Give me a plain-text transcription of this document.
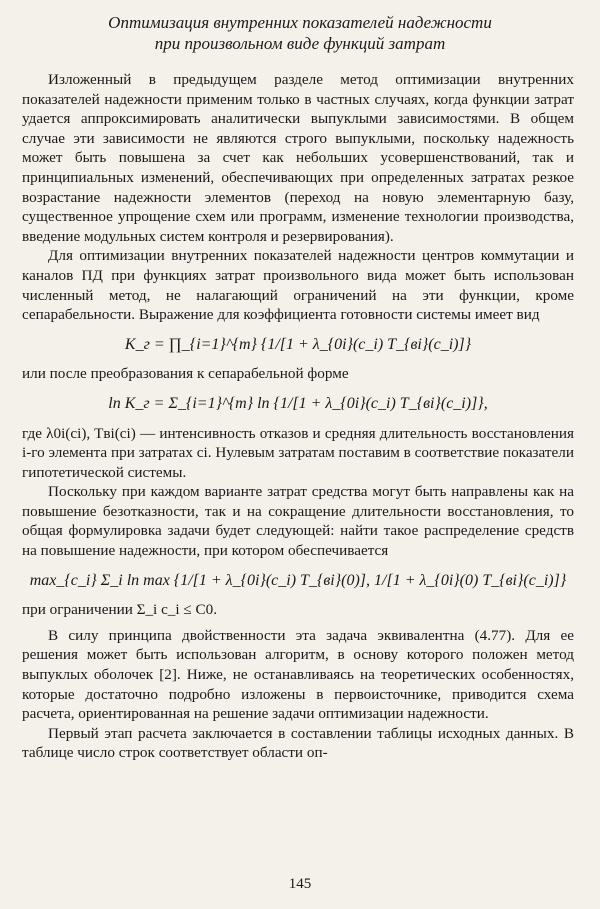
Оптимизация внутренних показателей надежности
при произвольном виде функций затрат

Изложенный в предыдущем разделе метод оптимизации внутренних показателей надежности применим только в частных случаях, когда функции затрат удается аппроксимировать аналитически выпуклыми зависимостями. В общем случае эти зависимости не являются строго выпуклыми, поскольку надежность может быть повышена за счет как небольших усовершенствований, так и принципиальных изменений, обеспечивающих при определенных затратах резкое возрастание надежности элементов (переход на новую элементарную базу, существенное упрощение схем или программ, изменение технологии производства, введение модульных систем контроля и резервирования).

Для оптимизации внутренних показателей надежности центров коммутации и каналов ПД при функциях затрат произвольного вида может быть использован численный метод, не налагающий ограничений на эти функции, кроме сепарабельности. Выражение для коэффициента готовности системы имеет вид

K_г = ∏_{i=1}^{m} {1/[1 + λ_{0i}(c_i) T_{вi}(c_i)]}

или после преобразования к сепарабельной форме

ln K_г = Σ_{i=1}^{m} ln {1/[1 + λ_{0i}(c_i) T_{вi}(c_i)]},

где λ0i(ci), Tвi(ci) — интенсивность отказов и средняя длительность восстановления i-го элемента при затратах ci. Нулевым затратам поставим в соответствие показатели гипотетической системы.

Поскольку при каждом варианте затрат средства могут быть направлены как на повышение безотказности, так и на сокращение длительности восстановления, то общая формулировка задачи будет следующей: найти такое распределение средств на повышение надежности, при котором обеспечивается

max_{c_i} Σ_i ln max {1/[1 + λ_{0i}(c_i) T_{вi}(0)], 1/[1 + λ_{0i}(0) T_{вi}(c_i)]}

при ограничении Σ_i c_i ≤ C0.

В силу принципа двойственности эта задача эквивалентна (4.77). Для ее решения может быть использован алгоритм, в основу которого положен метод выпуклых оболочек [2]. Ниже, не останавливаясь на теоретических особенностях, которые достаточно подробно изложены в первоисточнике, приводится схема расчета, ориентированная на решение задачи оптимизации надежности.

Первый этап расчета заключается в составлении таблицы исходных данных. В таблице число строк соответствует области оп-

145
